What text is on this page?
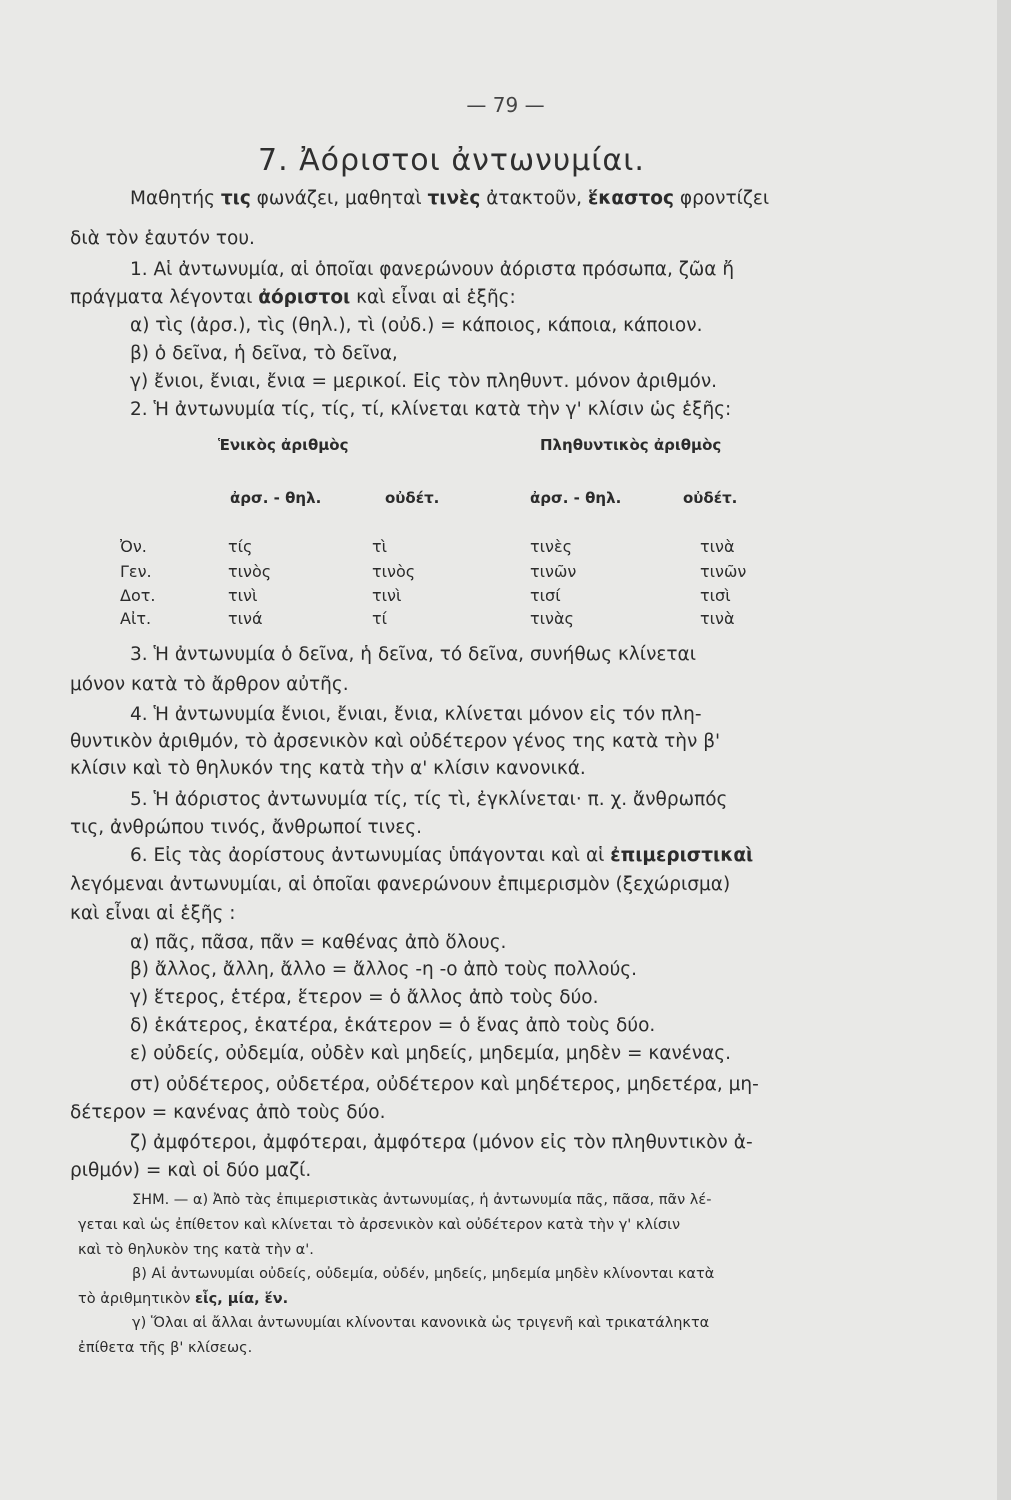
— 79 —
7. Ἀόριστοι ἀντωνυμίαι.
Μαθητής τις φωνάζει, μαθηταὶ τινὲς ἀτακτοῦν, ἕκαστος φροντίζει
διὰ τὸν ἑαυτόν του.
1. Αἱ ἀντωνυμία, αἱ ὁποῖαι φανερώνουν ἀόριστα πρόσωπα, ζῶα ἤ
πράγματα λέγονται ἀόριστοι καὶ εἶναι αἱ ἑξῆς:
α) τὶς (ἀρσ.), τὶς (θηλ.), τὶ (οὐδ.) = κάποιος, κάποια, κάποιον.
β) ὁ δεῖνα, ἡ δεῖνα, τὸ δεῖνα,
γ) ἔνιοι, ἔνιαι, ἔνια = μερικοί. Εἰς τὸν πληθυντ. μόνον ἀριθμόν.
2. Ἡ ἀντωνυμία τίς, τίς, τί, κλίνεται κατὰ τὴν γ' κλίσιν ὡς ἑξῆς:
Ἑνικὸς ἀριθμὸς	Πληθυντικὸς ἀριθμὸς
ἀρσ. - θηλ.	οὐδέτ.	ἀρσ. - θηλ.	οὐδέτ.
Ὀν.	τίς	τὶ	τινὲς	τινὰ
Γεν.	τινὸς	τινὸς	τινῶν	τινῶν
Δοτ.	τινὶ	τινὶ	τισί	τισὶ
Αἰτ.	τινά	τί	τινὰς	τινὰ
3. Ἡ ἀντωνυμία ὁ δεῖνα, ἡ δεῖνα, τό δεῖνα, συνήθως κλίνεται
μόνον κατὰ τὸ ἄρθρον αὐτῆς.
4. Ἡ ἀντωνυμία ἔνιοι, ἔνιαι, ἔνια, κλίνεται μόνον εἰς τόν πλη-
θυντικὸν ἀριθμόν, τὸ ἀρσενικὸν καὶ οὐδέτερον γένος της κατὰ τὴν β'
κλίσιν καὶ τὸ θηλυκόν της κατὰ τὴν α' κλίσιν κανονικά.
5. Ἡ ἀόριστος ἀντωνυμία τίς, τίς τὶ, ἐγκλίνεται· π. χ. ἄνθρωπός
τις, ἀνθρώπου τινός, ἄνθρωποί τινες.
6. Εἰς τὰς ἀορίστους ἀντωνυμίας ὑπάγονται καὶ αἱ ἐπιμεριστικαὶ
λεγόμεναι ἀντωνυμίαι, αἱ ὁποῖαι φανερώνουν ἐπιμερισμὸν (ξεχώρισμα)
καὶ εἶναι αἱ ἑξῆς :
α) πᾶς, πᾶσα, πᾶν = καθένας ἀπὸ ὅλους.
β) ἄλλος, ἄλλη, ἄλλο = ἄλλος -η -ο ἀπὸ τοὺς πολλούς.
γ) ἕτερος, ἑτέρα, ἕτερον = ὁ ἄλλος ἀπὸ τοὺς δύο.
δ) ἑκάτερος, ἑκατέρα, ἑκάτερον = ὁ ἕνας ἀπὸ τοὺς δύο.
ε) οὐδείς, οὐδεμία, οὐδὲν καὶ μηδείς, μηδεμία, μηδὲν = κανένας.
στ) οὐδέτερος, οὐδετέρα, οὐδέτερον καὶ μηδέτερος, μηδετέρα, μη-
δέτερον = κανένας ἀπὸ τοὺς δύο.
ζ) ἀμφότεροι, ἀμφότεραι, ἀμφότερα (μόνον εἰς τὸν πληθυντικὸν ἀ-
ριθμόν) = καὶ οἱ δύο μαζί.
ΣΗΜ. — α) Ἀπὸ τὰς ἐπιμεριστικὰς ἀντωνυμίας, ἡ ἀντωνυμία πᾶς, πᾶσα, πᾶν λέ-
γεται καὶ ὡς ἐπίθετον καὶ κλίνεται τὸ ἀρσενικὸν καὶ οὐδέτερον κατὰ τὴν γ' κλίσιν
καὶ τὸ θηλυκὸν της κατὰ τὴν α'.
β) Αἱ ἀντωνυμίαι οὐδείς, οὐδεμία, οὐδέν, μηδείς, μηδεμία μηδὲν κλίνονται κατὰ
τὸ ἀριθμητικὸν εἷς, μία, ἕν.
γ) Ὅλαι αἱ ἄλλαι ἀντωνυμίαι κλίνονται κανονικὰ ὡς τριγενῆ καὶ τρικατάληκτα
ἐπίθετα τῆς β' κλίσεως.
